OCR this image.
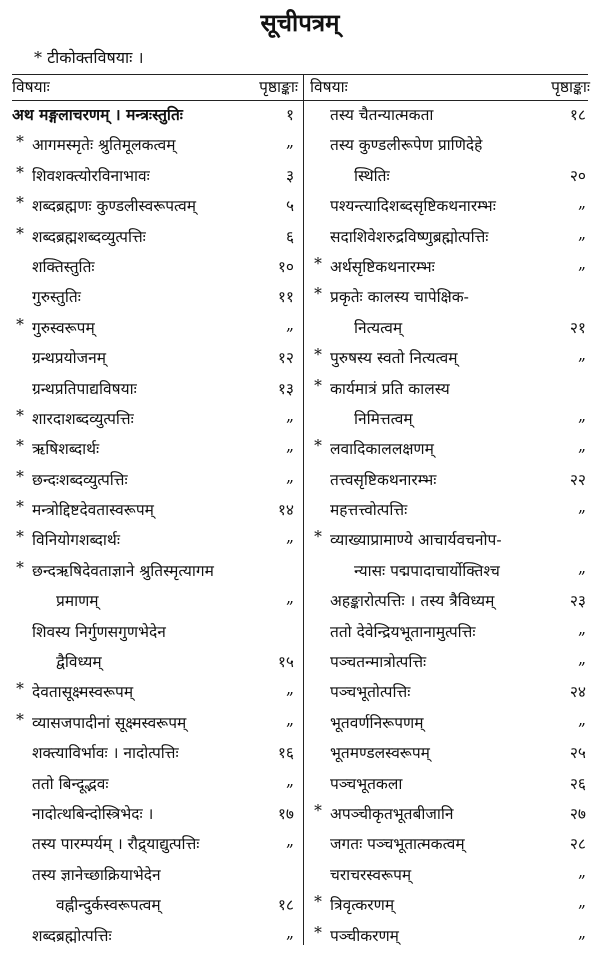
सूचीपत्रम्
* टीकोक्तविषयाः ।
विषयाः	पृष्ठाङ्काः
अथ मङ्गलाचरणम् । मन्त्रःस्तुतिः	१
* आगमस्मृतेः श्रुतिमूलकत्वम्	„
* शिवशक्त्योरविनाभावः	३
* शब्दब्रह्मणः कुण्डलीस्वरूपत्वम्	५
* शब्दब्रह्मशब्दव्युत्पत्तिः	६
शक्तिस्तुतिः	१०
गुरुस्तुतिः	११
* गुरुस्वरूपम्	„
ग्रन्थप्रयोजनम्	१२
ग्रन्थप्रतिपाद्यविषयाः	१३
* शारदाशब्दव्युत्पत्तिः	„
* ऋषिशब्दार्थः	„
* छन्दःशब्दव्युत्पत्तिः	„
* मन्त्रोद्दिष्टदेवतास्वरूपम्	१४
* विनियोगशब्दार्थः	„
* छन्दऋषिदेवताज्ञाने श्रुतिस्मृत्यागम
प्रमाणम्	„
शिवस्य निर्गुणसगुणभेदेन
द्वैविध्यम्	१५
* देवतासूक्ष्मस्वरूपम्	„
* व्यासजपादीनां सूक्ष्मस्वरूपम्	„
शक्त्याविर्भावः । नादोत्पत्तिः	१६
ततो बिन्दूद्भवः	„
नादोत्थबिन्दोस्त्रिभेदः ।	१७
तस्य पारम्पर्यम् । रौद्र्याद्युत्पत्तिः	„
तस्य ज्ञानेच्छाक्रियाभेदेन
वह्नीन्दुर्कस्वरूपत्वम्	१८
शब्दब्रह्मोत्पत्तिः	„
विषयाः	पृष्ठाङ्काः
तस्य चैतन्यात्मकता	१८
तस्य कुण्डलीरूपेण प्राणिदेहे
स्थितिः	२०
पश्यन्त्यादिशब्दसृष्टिकथनारम्भः	„
सदाशिवेशरुद्रविष्णुब्रह्मोत्पत्तिः	„
* अर्थसृष्टिकथनारम्भः	„
* प्रकृतेः कालस्य चापेक्षिक-
नित्यत्वम्	२१
* पुरुषस्य स्वतो नित्यत्वम्	„
* कार्यमात्रं प्रति कालस्य
निमित्तत्वम्	„
* लवादिकाललक्षणम्	„
तत्त्वसृष्टिकथनारम्भः	२२
महत्तत्त्वोत्पत्तिः	„
* व्याख्याप्रामाण्ये आचार्यवचनोप-
न्यासः पद्मपादाचार्योक्तिश्च	„
अहङ्कारोत्पत्तिः । तस्य त्रैविध्यम्	२३
ततो देवेन्द्रियभूतानामुत्पत्तिः	„
पञ्चतन्मात्रोत्पत्तिः	„
पञ्चभूतोत्पत्तिः	२४
भूतवर्णनिरूपणम्	„
भूतमण्डलस्वरूपम्	२५
पञ्चभूतकला	२६
* अपञ्चीकृतभूतबीजानि	२७
जगतः पञ्चभूतात्मकत्वम्	२८
चराचरस्वरूपम्	„
* त्रिवृत्करणम्	„
* पञ्चीकरणम्	„
